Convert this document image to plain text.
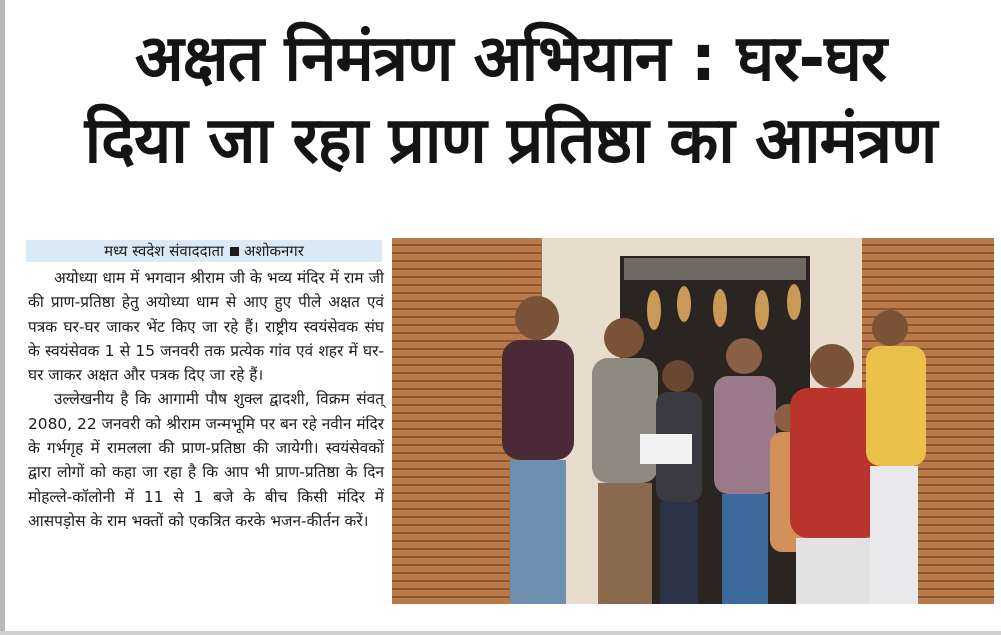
अक्षत निमंत्रण अभियान : घर-घर
दिया जा रहा प्राण प्रतिष्ठा का आमंत्रण
मध्य स्वदेश संवाददाता अशोकनगर

अयोध्या धाम में भगवान श्रीराम जी के भव्य मंदिर में राम जी की प्राण-प्रतिष्ठा हेतु अयोध्या धाम से आए हुए पीले अक्षत एवं पत्रक घर-घर जाकर भेंट किए जा रहे हैं। राष्ट्रीय स्वयंसेवक संघ के स्वयंसेवक 1 से 15 जनवरी तक प्रत्येक गांव एवं शहर में घर-घर जाकर अक्षत और पत्रक दिए जा रहे हैं।

उल्लेखनीय है कि आगामी पौष शुक्ल द्वादशी, विक्रम संवत् 2080, 22 जनवरी को श्रीराम जन्मभूमि पर बन रहे नवीन मंदिर के गर्भगृह में रामलला की प्राण-प्रतिष्ठा की जायेगी। स्वयंसेवकों द्वारा लोगों को कहा जा रहा है कि आप भी प्राण-प्रतिष्ठा के दिन मोहल्ले-कॉलोनी में 11 से 1 बजे के बीच किसी मंदिर में आसपड़ोस के राम भक्तों को एकत्रित करके भजन-कीर्तन करें।
